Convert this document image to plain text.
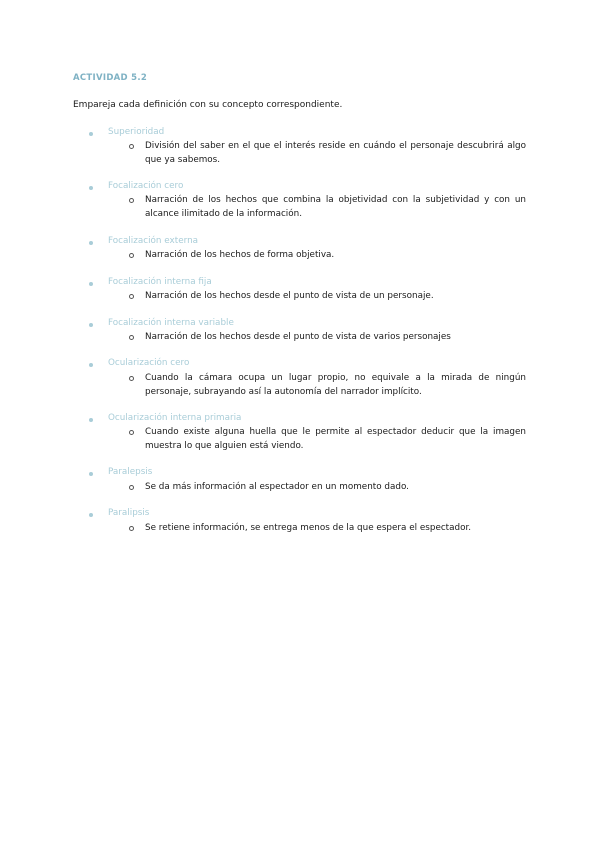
ACTIVIDAD 5.2
Empareja cada definición con su concepto correspondiente.
Superioridad
División del saber en el que el interés reside en cuándo el personaje descubrirá algo que ya sabemos.
Focalización cero
Narración de los hechos que combina la objetividad con la subjetividad y con un alcance ilimitado de la información.
Focalización externa
Narración de los hechos de forma objetiva.
Focalización interna fija
Narración de los hechos desde el punto de vista de un personaje.
Focalización interna variable
Narración de los hechos desde el punto de vista de varios personajes
Ocularización cero
Cuando la cámara ocupa un lugar propio, no equivale a la mirada de ningún personaje, subrayando así la autonomía del narrador implícito.
Ocularización interna primaria
Cuando existe alguna huella que le permite al espectador deducir que la imagen muestra lo que alguien está viendo.
Paralepsis
Se da más información al espectador en un momento dado.
Paralipsis
Se retiene información, se entrega menos de la que espera el espectador.
